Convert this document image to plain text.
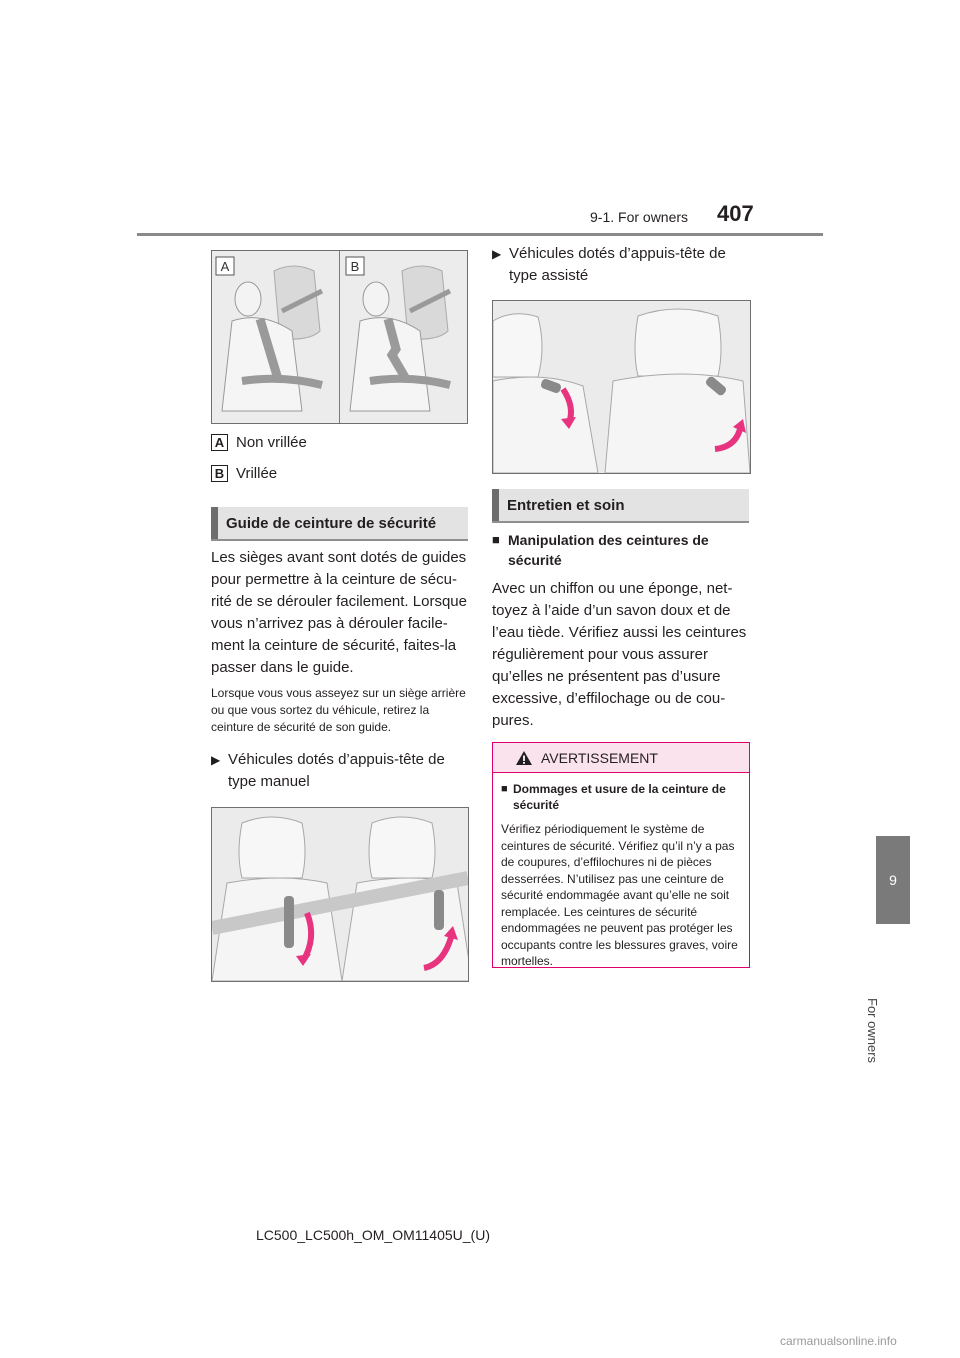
9-1. For owners 407
9
For owners
A	B
A Non vrillée
B Vrillée
Guide de ceinture de sécurité
Les sièges avant sont dotés de guides pour permettre à la ceinture de sécu-rité de se dérouler facilement. Lorsque vous n’arrivez pas à dérouler facile-ment la ceinture de sécurité, faites-la passer dans le guide.
Lorsque vous vous asseyez sur un siège arrière ou que vous sortez du véhicule, retirez la ceinture de sécurité de son guide.
▶ Véhicules dotés d’appuis-tête de type manuel
▶ Véhicules dotés d’appuis-tête de type assisté
Entretien et soin
■ Manipulation des ceintures de sécurité
Avec un chiffon ou une éponge, net-toyez à l’aide d’un savon doux et de l’eau tiède. Vérifiez aussi les ceintures régulièrement pour vous assurer qu’elles ne présentent pas d’usure excessive, d’effilochage ou de cou-pures.
AVERTISSEMENT
■ Dommages et usure de la ceinture de sécurité
Vérifiez périodiquement le système de ceintures de sécurité. Vérifiez qu’il n’y a pas de coupures, d’effilochures ni de pièces desserrées. N’utilisez pas une ceinture de sécurité endommagée avant qu’elle ne soit remplacée. Les ceintures de sécurité endommagées ne peuvent pas protéger les occupants contre les blessures graves, voire mortelles.
LC500_LC500h_OM_OM11405U_(U)
carmanualsonline.info
